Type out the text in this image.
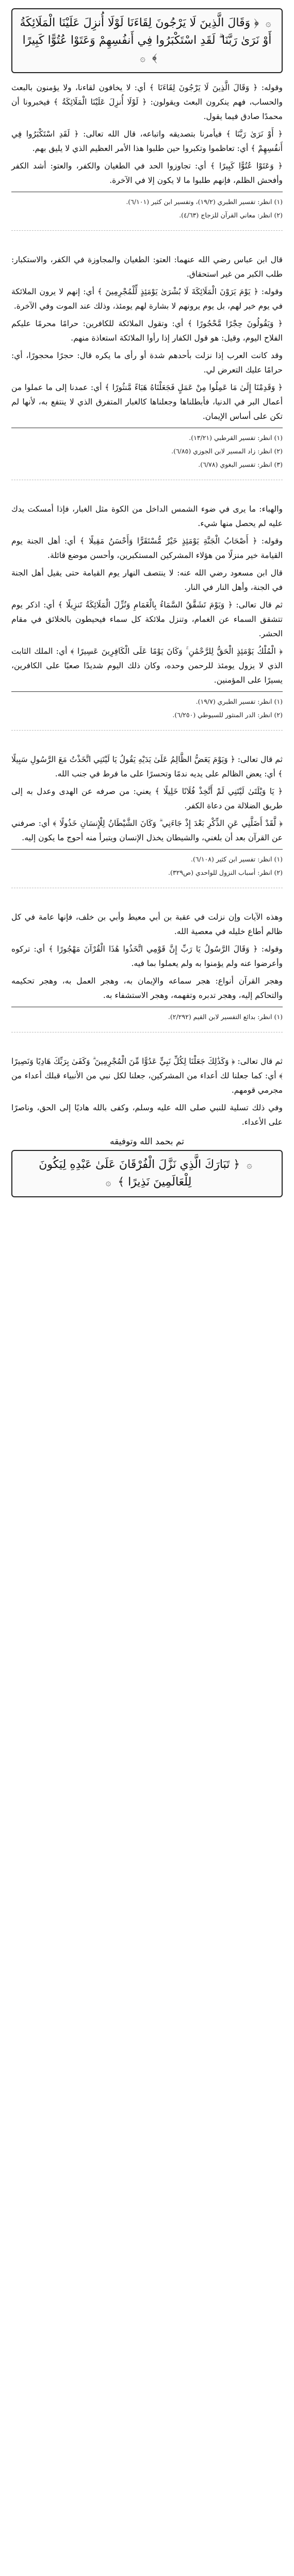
۞ ﴿ وَقَالَ الَّذِينَ لَا يَرْجُونَ لِقَاءَنَا لَوْلَا أُنزِلَ عَلَيْنَا الْمَلَائِكَةُ أَوْ نَرَىٰ رَبَّنَا ۗ لَقَدِ اسْتَكْبَرُوا فِي أَنفُسِهِمْ وَعَتَوْا عُتُوًّا كَبِيرًا ﴾ ۞

وقوله: ﴿ وَقَالَ الَّذِينَ لَا يَرْجُونَ لِقَاءَنَا ﴾ أي: لا يخافون لقاءنا، ولا يؤمنون بالبعث والحساب، فهم ينكرون البعث ويقولون: ﴿ لَوْلَا أُنزِلَ عَلَيْنَا الْمَلَائِكَةُ ﴾ فيخبرونا أن محمدًا صادق فيما يقول.

﴿ أَوْ نَرَىٰ رَبَّنَا ﴾ فيأمرنا بتصديقه واتباعه، قال الله تعالى: ﴿ لَقَدِ اسْتَكْبَرُوا فِي أَنفُسِهِمْ ﴾ أي: تعاظموا وتكبروا حين طلبوا هذا الأمر العظيم الذي لا يليق بهم.

﴿ وَعَتَوْا عُتُوًّا كَبِيرًا ﴾ أي: تجاوزوا الحد في الطغيان والكفر، والعتو: أشد الكفر وأفحش الظلم، فإنهم طلبوا ما لا يكون إلا في الآخرة.

(١) انظر: تفسير الطبري (١٩/٢)، وتفسير ابن كثير (٦/١٠١).

(٢) انظر: معاني القرآن للزجاج (٤/٦٣).

قال ابن عباس رضي الله عنهما: العتو: الطغيان والمجاوزة في الكفر، والاستكبار: طلب الكبر من غير استحقاق.

وقوله: ﴿ يَوْمَ يَرَوْنَ الْمَلَائِكَةَ لَا بُشْرَىٰ يَوْمَئِذٍ لِّلْمُجْرِمِينَ ﴾ أي: إنهم لا يرون الملائكة في يوم خير لهم، بل يوم يرونهم لا بشارة لهم يومئذ، وذلك عند الموت وفي الآخرة.

﴿ وَيَقُولُونَ حِجْرًا مَّحْجُورًا ﴾ أي: وتقول الملائكة للكافرين: حرامًا محرمًا عليكم الفلاح اليوم، وقيل: هو قول الكفار إذا رأوا الملائكة استعاذة منهم.

وقد كانت العرب إذا نزلت بأحدهم شدة أو رأى ما يكره قال: حجرًا محجورًا، أي: حرامًا عليك التعرض لي.

﴿ وَقَدِمْنَا إِلَىٰ مَا عَمِلُوا مِنْ عَمَلٍ فَجَعَلْنَاهُ هَبَاءً مَّنثُورًا ﴾ أي: عمدنا إلى ما عملوا من أعمال البر في الدنيا، فأبطلناها وجعلناها كالغبار المتفرق الذي لا ينتفع به، لأنها لم تكن على أساس الإيمان.

(١) انظر: تفسير القرطبي (١٣/٢١).

(٢) انظر: زاد المسير لابن الجوزي (٦/٨٥).

(٣) انظر: تفسير البغوي (٦/٧٨).

والهباء: ما يرى في ضوء الشمس الداخل من الكوة مثل الغبار، فإذا أمسكت يدك عليه لم يحصل منها شيء.

وقوله: ﴿ أَصْحَابُ الْجَنَّةِ يَوْمَئِذٍ خَيْرٌ مُّسْتَقَرًّا وَأَحْسَنُ مَقِيلًا ﴾ أي: أهل الجنة يوم القيامة خير منزلًا من هؤلاء المشركين المستكبرين، وأحسن موضع قائلة.

قال ابن مسعود رضي الله عنه: لا ينتصف النهار يوم القيامة حتى يقيل أهل الجنة في الجنة، وأهل النار في النار.

ثم قال تعالى: ﴿ وَيَوْمَ تَشَقَّقُ السَّمَاءُ بِالْغَمَامِ وَنُزِّلَ الْمَلَائِكَةُ تَنزِيلًا ﴾ أي: اذكر يوم تتشقق السماء عن الغمام، وتنزل ملائكة كل سماء فيحيطون بالخلائق في مقام الحشر.

﴿ الْمُلْكُ يَوْمَئِذٍ الْحَقُّ لِلرَّحْمَٰنِ ۚ وَكَانَ يَوْمًا عَلَى الْكَافِرِينَ عَسِيرًا ﴾ أي: الملك الثابت الذي لا يزول يومئذ للرحمن وحده، وكان ذلك اليوم شديدًا صعبًا على الكافرين، يسيرًا على المؤمنين.

(١) انظر: تفسير الطبري (١٩/٧).

(٢) انظر: الدر المنثور للسيوطي (٦/٢٥٠).

ثم قال تعالى: ﴿ وَيَوْمَ يَعَضُّ الظَّالِمُ عَلَىٰ يَدَيْهِ يَقُولُ يَا لَيْتَنِي اتَّخَذْتُ مَعَ الرَّسُولِ سَبِيلًا ﴾ أي: يعض الظالم على يديه ندمًا وتحسرًا على ما فرط في جنب الله.

﴿ يَا وَيْلَتَىٰ لَيْتَنِي لَمْ أَتَّخِذْ فُلَانًا خَلِيلًا ﴾ يعني: من صرفه عن الهدى وعدل به إلى طريق الضلالة من دعاة الكفر.

﴿ لَّقَدْ أَضَلَّنِي عَنِ الذِّكْرِ بَعْدَ إِذْ جَاءَنِي ۗ وَكَانَ الشَّيْطَانُ لِلْإِنسَانِ خَذُولًا ﴾ أي: صرفني عن القرآن بعد أن بلغني، والشيطان يخذل الإنسان ويتبرأ منه أحوج ما يكون إليه.

(١) انظر: تفسير ابن كثير (٦/١٠٨).

(٢) انظر: أسباب النزول للواحدي (ص٣٢٩).

وهذه الآيات وإن نزلت في عقبة بن أبي معيط وأبي بن خلف، فإنها عامة في كل ظالم أطاع خليله في معصية الله.

وقوله: ﴿ وَقَالَ الرَّسُولُ يَا رَبِّ إِنَّ قَوْمِي اتَّخَذُوا هَٰذَا الْقُرْآنَ مَهْجُورًا ﴾ أي: تركوه وأعرضوا عنه ولم يؤمنوا به ولم يعملوا بما فيه.

وهجر القرآن أنواع: هجر سماعه والإيمان به، وهجر العمل به، وهجر تحكيمه والتحاكم إليه، وهجر تدبره وتفهمه، وهجر الاستشفاء به.

(١) انظر: بدائع التفسير لابن القيم (٢/٢٩٢).

ثم قال تعالى: ﴿ وَكَذَٰلِكَ جَعَلْنَا لِكُلِّ نَبِيٍّ عَدُوًّا مِّنَ الْمُجْرِمِينَ ۗ وَكَفَىٰ بِرَبِّكَ هَادِيًا وَنَصِيرًا ﴾ أي: كما جعلنا لك أعداء من المشركين، جعلنا لكل نبي من الأنبياء قبلك أعداء من مجرمي قومهم.

وفي ذلك تسلية للنبي صلى الله عليه وسلم، وكفى بالله هاديًا إلى الحق، وناصرًا على الأعداء.

تم بحمد الله وتوفيقه
۞ ﴿ تَبَارَكَ الَّذِي نَزَّلَ الْفُرْقَانَ عَلَىٰ عَبْدِهِ لِيَكُونَ لِلْعَالَمِينَ نَذِيرًا ﴾ ۞
